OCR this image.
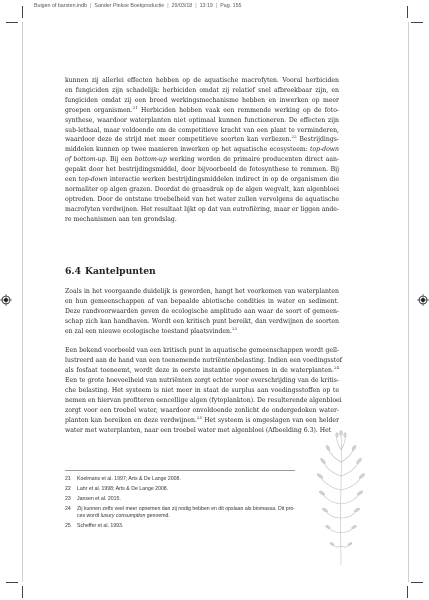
Buigen of barsten.indb | Sander Pinkse Boekproductie | 29/03/18 | 13:19 | Pag. 155

kunnen zij allerlei effecten hebben op de aquatische macrofyten. Vooral herbiciden
en fungiciden zijn schadelijk: herbiciden omdat zij relatief snel afbreekbaar zijn, en
fungiciden omdat zij een breed werkingsmechanisme hebben en inwerken op meer
groepen organismen.$^{21}$ Herbiciden hebben vaak een remmende werking op de foto-
synthese, waardoor waterplanten niet optimaal kunnen functioneren. De effecten zijn
sub-lethaal, maar voldoende om de competitieve kracht van een plant te verminderen,
waardoor deze de strijd met meer competitieve soorten kan verliezen.$^{22}$ Bestrijdings-
middelen kunnen op twee manieren inwerken op het aquatische ecosysteem: top-down
of bottom-up. Bij een bottom-up werking worden de primaire producenten direct aan-
gepakt door het bestrijdingsmiddel, door bijvoorbeeld de fotosynthese te remmen. Bij
een top-down interactie werken bestrijdingsmiddelen indirect in op de organismen die
normaliter op algen grazen. Doordat de graasdruk op de algen wegvalt, kan algenbloei
optreden. Door de ontstane troebelheid van het water zullen vervolgens de aquatische
macrofyten verdwijnen. Het resultaat lijkt op dat van eutrofiëring, maar er liggen ande-
re mechanismen aan ten grondslag.

6.4 Kantelpunten

Zoals in het voorgaande duidelijk is geworden, hangt het voorkomen van waterplanten
en hun gemeenschappen af van bepaalde abiotische condities in water en sediment.
Deze randvoorwaarden geven de ecologische amplitudo aan waar de soort of gemeen-
schap zich kan handhaven. Wordt een kritisch punt bereikt, dan verdwijnen de soorten
en zal een nieuwe ecologische toestand plaatsvinden.$^{23}$

Een bekend voorbeeld van een kritisch punt in aquatische gemeenschappen wordt geïl-
lustreerd aan de hand van een toenemende nutriëntenbelasting. Indien een voedingsstof
als fosfaat toeneemt, wordt deze in eerste instantie opgenomen in de waterplanten.$^{24}$
Een te grote hoeveelheid van nutriënten zorgt echter voor overschrijding van de kritis-
che belasting. Het systeem is niet meer in staat de surplus aan voedingsstoffen op te
nemen en hiervan profiteren eencellige algen (fytoplankton). De resulterende algenbloei
zorgt voor een troebel water, waardoor onvoldoende zonlicht de ondergedoken water-
planten kan bereiken en deze verdwijnen.$^{25}$ Het systeem is omgeslagen van een helder
water met waterplanten, naar een troebel water met algenbloei (Afbeelding 6.3). Het

21	Koelmans et al. 1997; Arts & De Lange 2008.
22	Lahr et al. 1998; Arts & De Lange 2008.
23	Jansen et al. 2015.
24	Zij kunnen zelfs veel meer opnemen dan zij nodig hebben en dit opslaan als biomassa. Dit pro-
ces wordt luxury consumption genoemd.
25	Scheffer et al. 1993.
